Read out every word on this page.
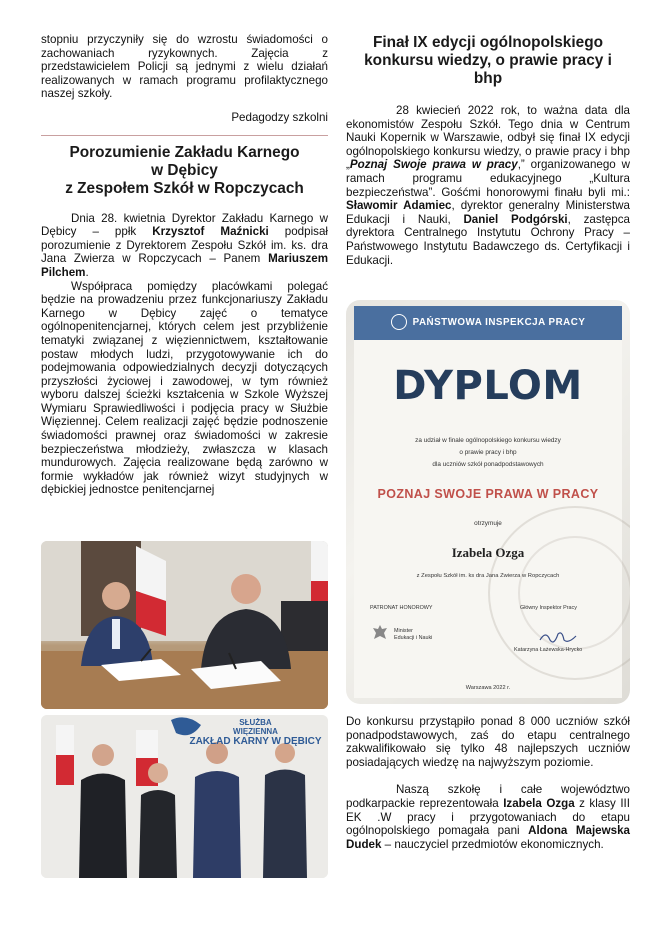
stopniu przyczyniły się do wzrostu świadomości o zachowaniach ryzykownych. Zajęcia z przedstawicielem Policji są jednymi z wielu działań realizowanych w ramach programu profilaktycznego naszej szkoły.

Pedagodzy szkolni

Porozumienie Zakładu Karnego
w Dębicy
z Zespołem Szkół w Ropczycach

Dnia 28. kwietnia Dyrektor Zakładu Karnego w Dębicy – ppłk Krzysztof Maźnicki podpisał porozumienie z Dyrektorem Zespołu Szkół im. ks. dra Jana Zwierza w Ropczycach – Panem Mariuszem Pilchem.

Współpraca pomiędzy placówkami polegać będzie na prowadzeniu przez funkcjonariuszy Zakładu Karnego w Dębicy zajęć o tematyce ogólnopenitencjarnej, których celem jest przybliżenie tematyki związanej z więziennictwem, kształtowanie postaw młodych ludzi, przygotowywanie ich do podejmowania odpowiedzialnych decyzji dotyczących przyszłości życiowej i zawodowej, w tym również wyboru dalszej ścieżki kształcenia w Szkole Wyższej Wymiaru Sprawiedliwości i podjęcia pracy w Służbie Więziennej. Celem realizacji zajęć będzie podnoszenie świadomości prawnej oraz świadomości w zakresie bezpieczeństwa młodzieży, zwłaszcza w klasach mundurowych. Zajęcia realizowane będą zarówno w formie wykładów jak również wizyt studyjnych w dębickiej jednostce penitencjarnej

SŁUŻBA
WIĘZIENNA
ZAKŁAD KARNY W DĘBICY
Finał IX edycji ogólnopolskiego
konkursu wiedzy, o prawie pracy i
bhp

28 kwiecień 2022 rok, to ważna data dla ekonomistów Zespołu Szkół. Tego dnia w Centrum Nauki Kopernik w Warszawie, odbył się finał IX edycji ogólnopolskiego konkursu wiedzy, o prawie pracy i bhp „Poznaj Swoje prawa w pracy,” organizowanego w ramach programu edukacyjnego „Kultura bezpieczeństwa”. Gośćmi honorowymi finału byli mi.: Sławomir Adamiec, dyrektor generalny Ministerstwa Edukacji i Nauki, Daniel Podgórski, zastępca dyrektora Centralnego Instytutu Ochrony Pracy – Państwowego Instytutu Badawczego ds. Certyfikacji i Edukacji.

PAŃSTWOWA INSPEKCJA PRACY
DYPLOM
za udział w finale ogólnopolskiego konkursu wiedzy
o prawie pracy i bhp
dla uczniów szkół ponadpodstawowych
POZNAJ SWOJE PRAWA W PRACY
otrzymuje
Izabela Ozga
z Zespołu Szkół im. ks dra Jana Zwierza w Ropczycach
PATRONAT HONOROWY
Minister
Edukacji i Nauki
Główny Inspektor Pracy
Katarzyna Łażewska-Hrycko
Warszawa 2022 r.

Do konkursu przystąpiło ponad 8 000 uczniów szkół ponadpodstawowych, zaś do etapu centralnego zakwalifikowało się tylko 48 najlepszych uczniów posiadających wiedzę na najwyższym poziomie.

Naszą szkołę i całe województwo podkarpackie reprezentowała Izabela Ozga z klasy III EK .W pracy i przygotowaniach do etapu ogólnopolskiego pomagała pani Aldona Majewska Dudek – nauczyciel przedmiotów ekonomicznych.
